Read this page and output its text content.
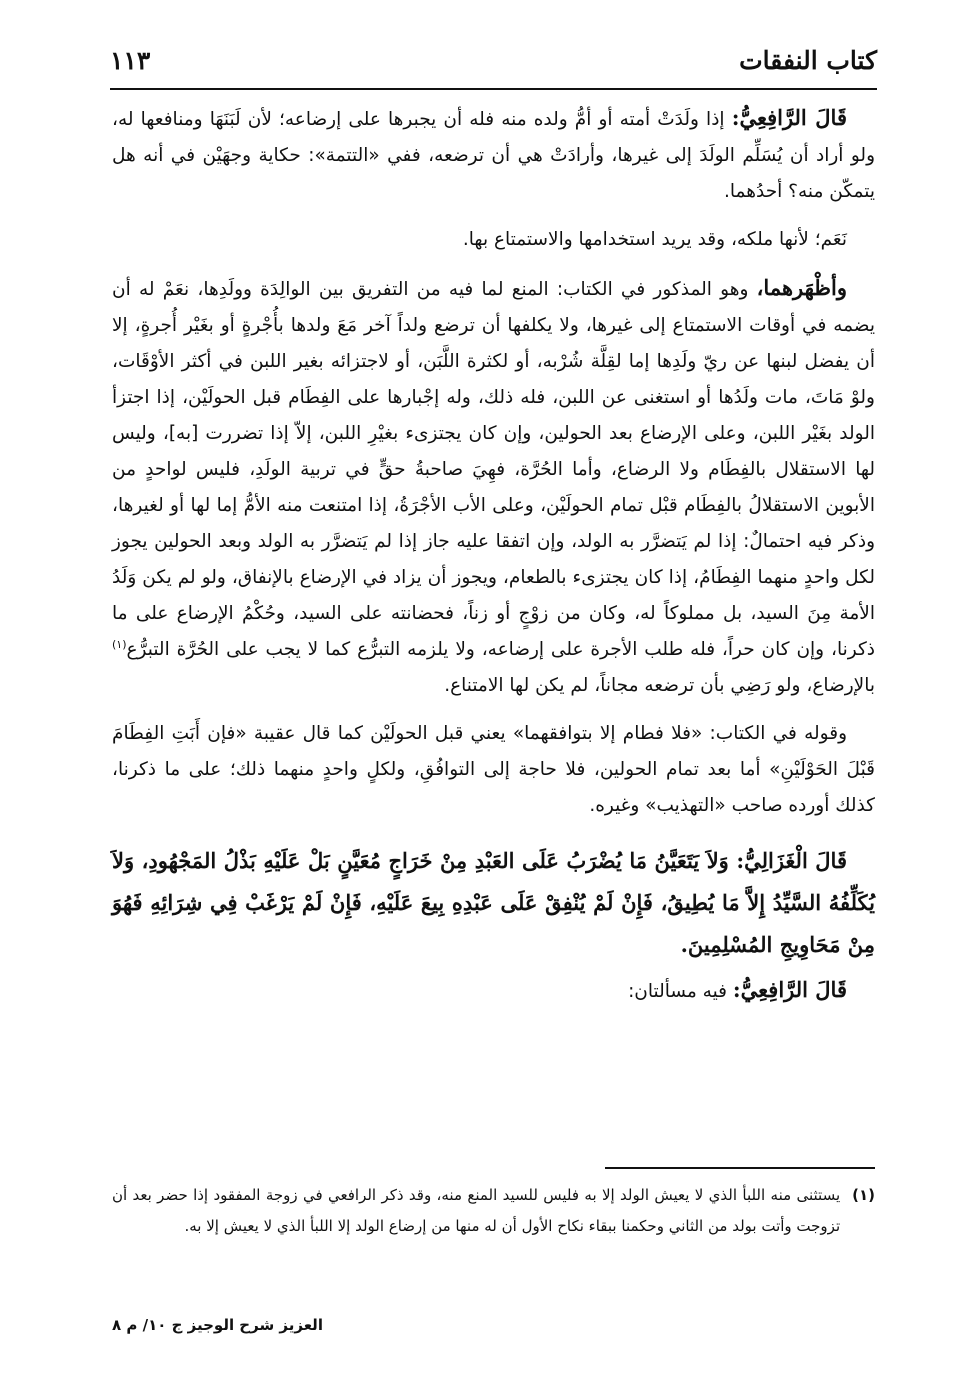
كتاب النفقات
١١٣

قَالَ الرَّافِعِيُّ: إذا ولَدَتْ أمته أو أمُّ ولده منه فله أن يجبرها على إرضاعه؛ لأن لَبَنَهَا ومنافعها له، ولو أراد أن يُسَلِّم الولَدَ إلى غيرها، وأرادَتْ هي أن ترضعه، ففي «التتمة»: حكاية وجهَيْن في أنه هل يتمكّن منه؟ أحدُهما.

نَعَم؛ لأنها ملكه، وقد يريد استخدامها والاستمتاع بها.

وأظْهَرهما، وهو المذكور في الكتاب: المنع لما فيه من التفريق بين الوالِدَة وولَدِها، نعَمْ له أن يضمه في أوقات الاستمتاع إلى غيرها، ولا يكلفها أن ترضع ولداً آخر مَعَ ولدها بأُجْرةٍ أو بغَيْر أُجرةٍ، إلا أن يفضل لبنها عن ريّ ولَدِها إما لقِلَّة شُرْبه، أو لكثرة اللَّبَن، أو لاجتزائه بغير اللبن في أكثر الأوْقَات، ولوْ مَاتَ، مات ولَدُها أو استغنى عن اللبن، فله ذلك، وله إجْبارها على الفِطَام قبل الحولَيْن، إذا اجتزأ الولد بغَيْر اللبن، وعلى الإرضاع بعد الحولين، وإن كان يجتزىء بغيْرِ اللبن، إلاّ إذا تضررت [به]، وليس لها الاستقلال بالفِطَام ولا الرضاع، وأما الحُرَّة، فهِيَ صاحبةُ حقٍّ في تربية الولَدِ، فليس لواحدٍ من الأبوين الاستقلالُ بالفِطَام قبْل تمام الحولَيْن، وعلى الأب الأجْرَةُ، إذا امتنعت منه الأمُّ إما لها أو لغيرها، وذكر فيه احتمالٌ: إذا لم يَتضرَّر به الولد، وإن اتفقا عليه جاز إذا لم يَتضرَّر به الولد وبعد الحولين يجوز لكل واحدٍ منهما الفِطَامُ، إذا كان يجتزىء بالطعام، ويجوز أن يزاد في الإرضاع بالإنفاق، ولو لم يكن وَلَدُ الأمة مِنَ السيد، بل مملوكاً له، وكان من زوْجٍ أو زناً، فحضانته على السيد، وحُكْمُ الإرضاع على ما ذكرنا، وإن كان حراً، فله طلب الأجرة على إرضاعه، ولا يلزمه التبرُّع كما لا يجب على الحُرَّة التبرُّع$^{(١)}$ بالإرضاع، ولو رَضِي بأن ترضعه مجاناً، لم يكن لها الامتناع.

وقوله في الكتاب: «فلا فطام إلا بتوافقهما» يعني قبل الحولَيْن كما قال عقيبة «فإن أَبَتِ الفِطَامَ قَبْلَ الحَوْلَيْنِ» أما بعد تمام الحولين، فلا حاجة إلى التوافُقِ، ولكلٍ واحدٍ منهما ذلك؛ على ما ذكرنا، كذلك أورده صاحب «التهذيب» وغيره.

قَالَ الْغَزَالِيُّ: وَلاَ يَتَعَيَّنُ مَا يُضْرَبُ عَلَى العَبْدِ مِنْ خَرَاجٍ مُعَيَّنٍ بَلْ عَلَيْهِ بَذْلُ المَجْهُودِ، وَلاَ يُكَلِّفُهُ السَّيِّدُ إِلاَّ مَا يُطِيقُ، فَإِنْ لَمْ يُنْفِقْ عَلَى عَبْدِهِ بِيعَ عَلَيْهِ، فَإِنْ لَمْ يَرْغَبْ فِي شِرَائِهِ فَهُوَ مِنْ مَحَاوِيجِ المُسْلِمِينَ.

قَالَ الرَّافِعِيُّ: فيه مسألتان:

(١)
يستثنى منه اللبأ الذي لا يعيش الولد إلا به فليس للسيد المنع منه، وقد ذكر الرافعي في زوجة المفقود إذا حضر بعد أن تزوجت وأتت بولد من الثاني وحكمنا ببقاء نكاح الأول أن له منها من إرضاع الولد إلا اللبأ الذي لا يعيش إلا به.
العزيز شرح الوجيز ج ١٠/ م ٨
